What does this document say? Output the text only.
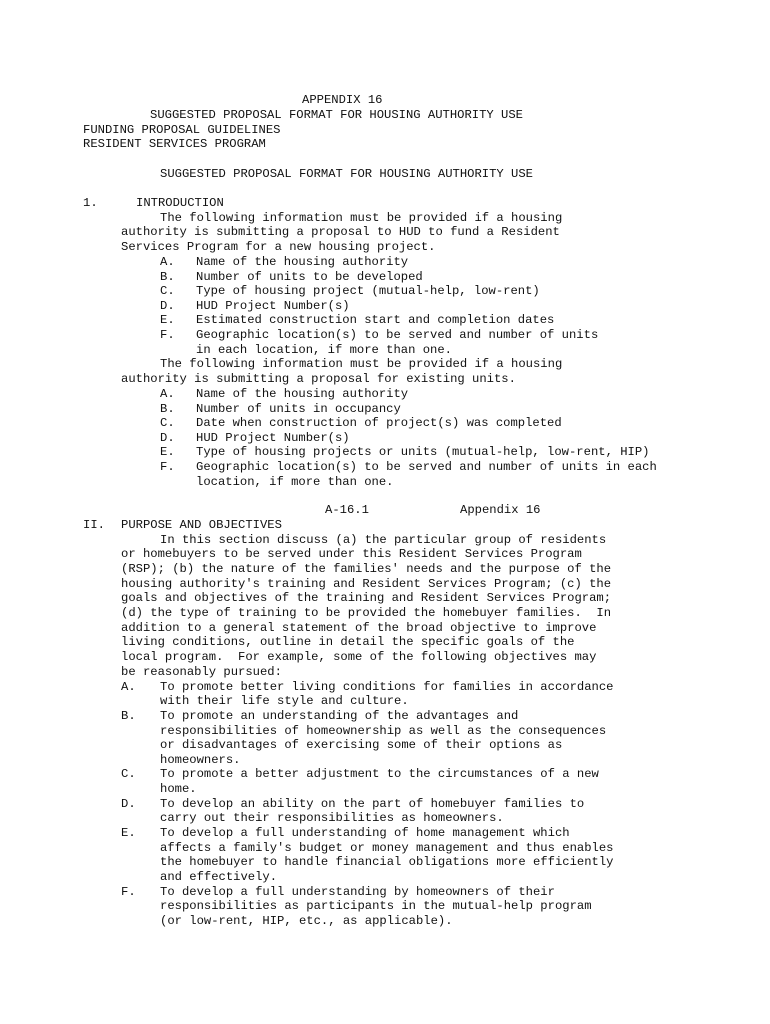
APPENDIX 16
SUGGESTED PROPOSAL FORMAT FOR HOUSING AUTHORITY USE
FUNDING PROPOSAL GUIDELINES
RESIDENT SERVICES PROGRAM
SUGGESTED PROPOSAL FORMAT FOR HOUSING AUTHORITY USE
1.	INTRODUCTION
The following information must be provided if a housing
authority is submitting a proposal to HUD to fund a Resident
Services Program for a new housing project.
A. Name of the housing authority
B. Number of units to be developed
C. Type of housing project (mutual-help, low-rent)
D. HUD Project Number(s)
E. Estimated construction start and completion dates
F. Geographic location(s) to be served and number of units
in each location, if more than one.
The following information must be provided if a housing
authority is submitting a proposal for existing units.
A. Name of the housing authority
B. Number of units in occupancy
C. Date when construction of project(s) was completed
D. HUD Project Number(s)
E. Type of housing projects or units (mutual-help, low-rent, HIP)
F. Geographic location(s) to be served and number of units in each
location, if more than one.
A-16.1	Appendix 16
II. PURPOSE AND OBJECTIVES
In this section discuss (a) the particular group of residents
or homebuyers to be served under this Resident Services Program
(RSP); (b) the nature of the families' needs and the purpose of the
housing authority's training and Resident Services Program; (c) the
goals and objectives of the training and Resident Services Program;
(d) the type of training to be provided the homebuyer families.  In
addition to a general statement of the broad objective to improve
living conditions, outline in detail the specific goals of the
local program.  For example, some of the following objectives may
be reasonably pursued:
A. To promote better living conditions for families in accordance
with their life style and culture.
B. To promote an understanding of the advantages and
responsibilities of homeownership as well as the consequences
or disadvantages of exercising some of their options as
homeowners.
C. To promote a better adjustment to the circumstances of a new
home.
D. To develop an ability on the part of homebuyer families to
carry out their responsibilities as homeowners.
E. To develop a full understanding of home management which
affects a family's budget or money management and thus enables
the homebuyer to handle financial obligations more efficiently
and effectively.
F. To develop a full understanding by homeowners of their
responsibilities as participants in the mutual-help program
(or low-rent, HIP, etc., as applicable).
